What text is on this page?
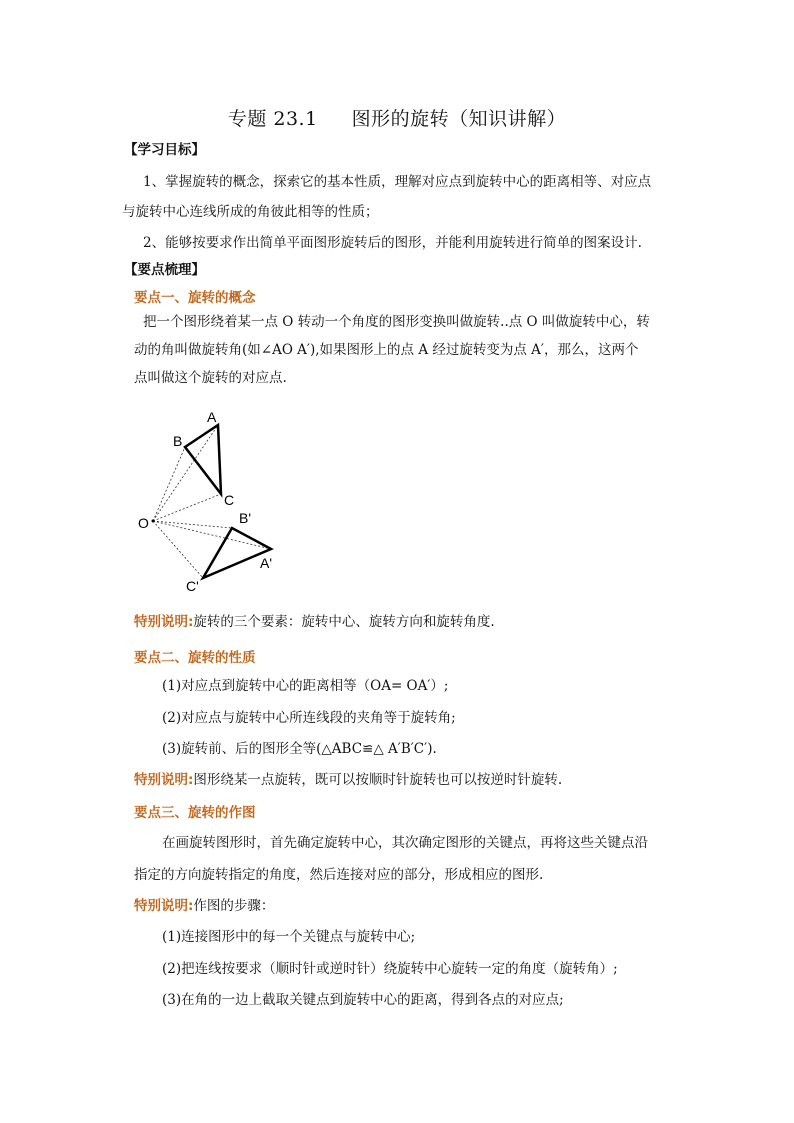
专题 23.1 图形的旋转（知识讲解）
【学习目标】
1、掌握旋转的概念，探索它的基本性质，理解对应点到旋转中心的距离相等、对应点
与旋转中心连线所成的角彼此相等的性质；
2、能够按要求作出简单平面图形旋转后的图形，并能利用旋转进行简单的图案设计.
【要点梳理】
要点一、旋转的概念
把一个图形绕着某一点 O 转动一个角度的图形变换叫做旋转..点 O 叫做旋转中心，转
动的角叫做旋转角(如∠AO A′),如果图形上的点 A 经过旋转变为点 A′，那么，这两个
点叫做这个旋转的对应点.
A
B
C
O	B'
A'
C'
特别说明:旋转的三个要素：旋转中心、旋转方向和旋转角度.
要点二、旋转的性质
(1)对应点到旋转中心的距离相等（OA= OA′）;
(2)对应点与旋转中心所连线段的夹角等于旋转角;
(3)旋转前、后的图形全等(△ABC≌△ A′B′C′).
特别说明:图形绕某一点旋转，既可以按顺时针旋转也可以按逆时针旋转.
要点三、旋转的作图
在画旋转图形时，首先确定旋转中心，其次确定图形的关键点，再将这些关键点沿
指定的方向旋转指定的角度，然后连接对应的部分，形成相应的图形.
特别说明:作图的步骤：
(1)连接图形中的每一个关键点与旋转中心;
(2)把连线按要求（顺时针或逆时针）绕旋转中心旋转一定的角度（旋转角）;
(3)在角的一边上截取关键点到旋转中心的距离，得到各点的对应点;
